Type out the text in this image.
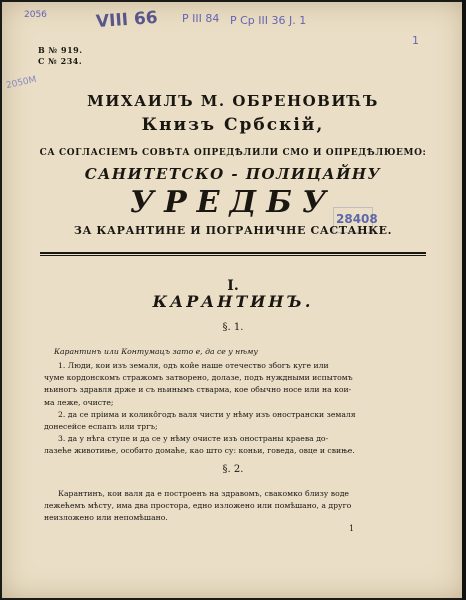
2056	VIII 66 P III 84 P Cp III 36 J. 1
1
2050M
28408
В № 919.
С № 234.
МИХАИЛЪ М. ОБРЕНОВИЋЪ
Книзъ Србскій,
СА СОГЛАСІЕМЪ СОВѢТА ОПРЕДѢЛИЛИ СМО И ОПРЕДѢЛЮЕМО:
САНИТЕТСКО - ПОЛИЦАЙНУ
УРЕДБУ
ЗА КАРАНТИНЕ И ПОГРАНИЧНЕ САСТАНКЕ.
I.
КАРАНТИНЪ.
§. 1.
Карантинъ или Контумацъ зато е, да се у нѣму
1. Люди, кои изъ земаля, одъ кои̂е нашe отечество збогъ куге или
чуме кордонскомъ стражомъ затворено, долазе, подъ нуждными испытомъ
ньиногъ здравля држе и съ ньинымъ стварма, кое обычно носе или на кои-
ма леже, очисте;
2. да се прiима и колико̂годъ валя чисти у нѣму изъ онострански земаля
донесейсе еспапъ или тргъ;
3. да у нѣга ступе и да се у нѣму очисте изъ оностраны краева до-
лазеће животиње, особито домаће, као што су: коньи, говеда, овце и свиње.
§. 2.
Карантинъ, кои валя да е построенъ на здравомъ, свакомко близу воде
лежећемъ мѣсту, има два простора, едно изложено или помѣшано, а друго
неизложено или непомѣшано.
1
